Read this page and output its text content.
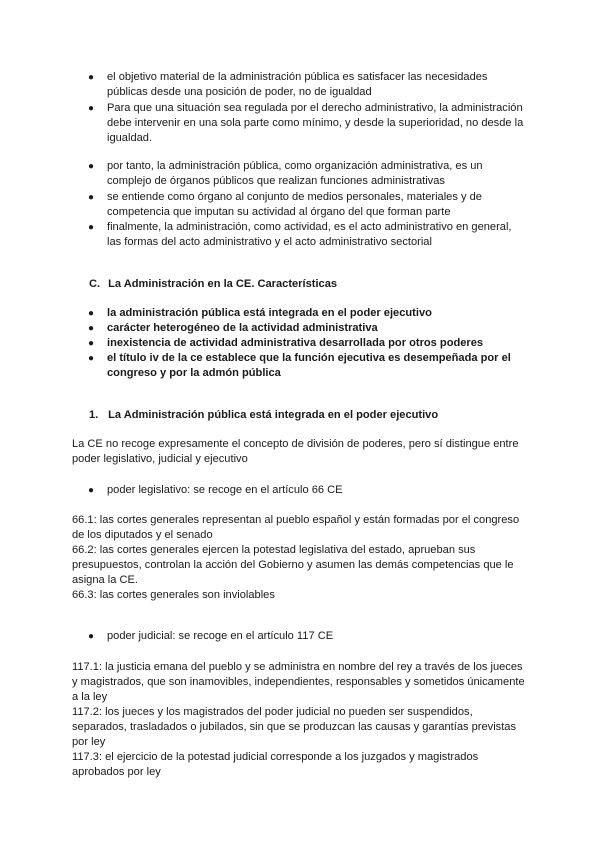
●	el objetivo material de la administración pública es satisfacer las necesidades
públicas desde una posición de poder, no de igualdad
●	Para que una situación sea regulada por el derecho administrativo, la administración
debe intervenir en una sola parte como mínimo, y desde la superioridad, no desde la
igualdad.
●	por tanto, la administración pública, como organización administrativa, es un
complejo de órganos públicos que realizan funciones administrativas
●	se entiende como órgano al conjunto de medios personales, materiales y de
competencia que imputan su actividad al órgano del que forman parte
●	finalmente, la administración, como actividad, es el acto administrativo en general,
las formas del acto administrativo y el acto administrativo sectorial
C. La Administración en la CE. Características
●	la administración pública está integrada en el poder ejecutivo
●	carácter heterogéneo de la actividad administrativa
●	inexistencia de actividad administrativa desarrollada por otros poderes
●	el título iv de la ce establece que la función ejecutiva es desempeñada por el
congreso y por la admón pública
1. La Administración pública está integrada en el poder ejecutivo
La CE no recoge expresamente el concepto de división de poderes, pero sí distingue entre
poder legislativo, judicial y ejecutivo
●	poder legislativo: se recoge en el artículo 66 CE
66.1: las cortes generales representan al pueblo español y están formadas por el congreso
de los diputados y el senado
66.2: las cortes generales ejercen la potestad legislativa del estado, aprueban sus
presupuestos, controlan la acción del Gobierno y asumen las demás competencias que le
asigna la CE.
66.3: las cortes generales son inviolables
●	poder judicial: se recoge en el artículo 117 CE
117.1: la justicia emana del pueblo y se administra en nombre del rey a través de los jueces
y magistrados, que son inamovibles, independientes, responsables y sometidos únicamente
a la ley
117.2: los jueces y los magistrados del poder judicial no pueden ser suspendidos,
separados, trasladados o jubilados, sin que se produzcan las causas y garantías previstas
por ley
117.3: el ejercicio de la potestad judicial corresponde a los juzgados y magistrados
aprobados por ley
